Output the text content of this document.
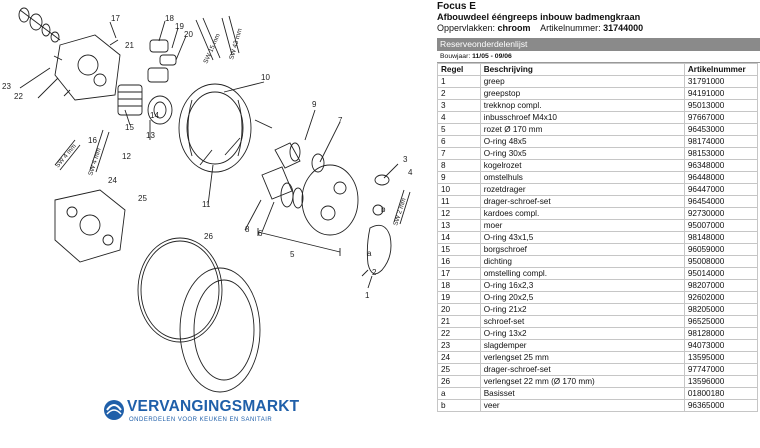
1
2
3
4
5
6
7
8
9
10
11
12
13
14
15
16
17	18
19
20
21
22
23
24
25
26
a
b
SW 15 mm SW 43 mm
SW 4 mm SW 4 mm
SW 2 mm
VERVANGINGSMARKT
ONDERDELEN VOOR KEUKEN EN SANITAIR
Focus E
Afbouwdeel ééngreeps inbouw badmengkraan
Oppervlakken: chroom Artikelnummer: 31744000
Reserveonderdelenlijst
Bouwjaar: 11/05 - 09/06
Regel	Beschrijving	Artikelnummer
1	greep	31791000
2	greepstop	94191000
3	trekknop compl.	95013000
4	inbusschroef M4x10	97667000
5	rozet Ø 170 mm	96453000
6	O-ring 48x5	98174000
7	O-ring 30x5	98153000
8	kogelrozet	96348000
9	omstelhuls	96448000
10	rozetdrager	96447000
11	drager-schroef-set	96454000
12	kardoes compl.	92730000
13	moer	95007000
14	O-ring 43x1,5	98148000
15	borgschroef	96059000
16	dichting	95008000
17	omstelling compl.	95014000
18	O-ring 16x2,3	98207000
19	O-ring 20x2,5	92602000
20	O-ring 21x2	98205000
21	schroef-set	96525000
22	O-ring 13x2	98128000
23	slagdemper	94073000
24	verlengset 25 mm	13595000
25	drager-schroef-set	97747000
26	verlengset 22 mm (Ø 170 mm)	13596000
a	Basisset	01800180
b	veer	96365000
